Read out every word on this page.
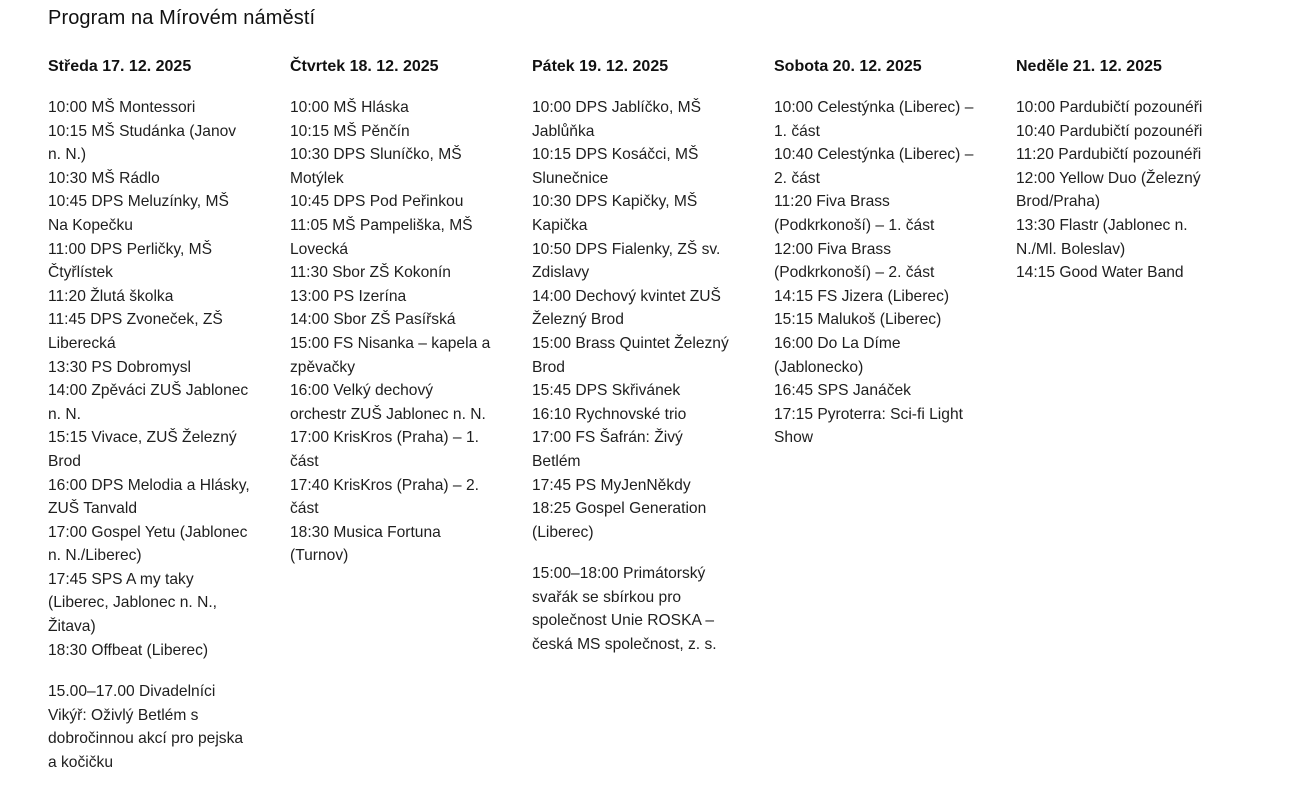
Program na Mírovém náměstí
Středa 17. 12. 2025
10:00 MŠ Montessori
10:15 MŠ Studánka (Janov n. N.)
10:30 MŠ Rádlo
10:45 DPS Meluzínky, MŠ Na Kopečku
11:00 DPS Perličky, MŠ Čtyřlístek
11:20 Žlutá školka
11:45 DPS Zvoneček, ZŠ Liberecká
13:30 PS Dobromysl
14:00 Zpěváci ZUŠ Jablonec n. N.
15:15 Vivace, ZUŠ Železný Brod
16:00 DPS Melodia a Hlásky, ZUŠ Tanvald
17:00 Gospel Yetu (Jablonec n. N./Liberec)
17:45 SPS A my taky (Liberec, Jablonec n. N., Žitava)
18:30 Offbeat (Liberec)

15.00–17.00 Divadelníci Vikýř: Oživlý Betlém s dobročinnou akcí pro pejska a kočičku

Čtvrtek 18. 12. 2025
10:00 MŠ Hláska
10:15 MŠ Pěnčín
10:30 DPS Sluníčko, MŠ Motýlek
10:45 DPS Pod Peřinkou
11:05 MŠ Pampeliška, MŠ Lovecká
11:30 Sbor ZŠ Kokonín
13:00 PS Izerína
14:00 Sbor ZŠ Pasířská
15:00 FS Nisanka – kapela a zpěvačky
16:00 Velký dechový orchestr ZUŠ Jablonec n. N.
17:00 KrisKros (Praha) – 1. část
17:40 KrisKros (Praha) – 2. část
18:30 Musica Fortuna (Turnov)
Pátek 19. 12. 2025
10:00 DPS Jablíčko, MŠ Jablůňka
10:15 DPS Kosáčci, MŠ Slunečnice
10:30 DPS Kapičky, MŠ Kapička
10:50 DPS Fialenky, ZŠ sv. Zdislavy
14:00 Dechový kvintet ZUŠ Železný Brod
15:00 Brass Quintet Železný Brod
15:45 DPS Skřivánek
16:10 Rychnovské trio
17:00 FS Šafrán: Živý Betlém
17:45 PS MyJenNěkdy
18:25 Gospel Generation (Liberec)

15:00–18:00 Primátorský svařák se sbírkou pro společnost Unie ROSKA – česká MS společnost, z. s.

Sobota 20. 12. 2025
10:00 Celestýnka (Liberec) – 1. část
10:40 Celestýnka (Liberec) – 2. část
11:20 Fiva Brass (Podkrkonoší) – 1. část
12:00 Fiva Brass (Podkrkonoší) – 2. část
14:15 FS Jizera (Liberec)
15:15 Malukoš (Liberec)
16:00 Do La Díme (Jablonecko)
16:45 SPS Janáček
17:15 Pyroterra: Sci-fi Light Show
Neděle 21. 12. 2025
10:00 Pardubičtí pozounéři
10:40 Pardubičtí pozounéři
11:20 Pardubičtí pozounéři
12:00 Yellow Duo (Železný Brod/Praha)
13:30 Flastr (Jablonec n. N./Ml. Boleslav)
14:15 Good Water Band
